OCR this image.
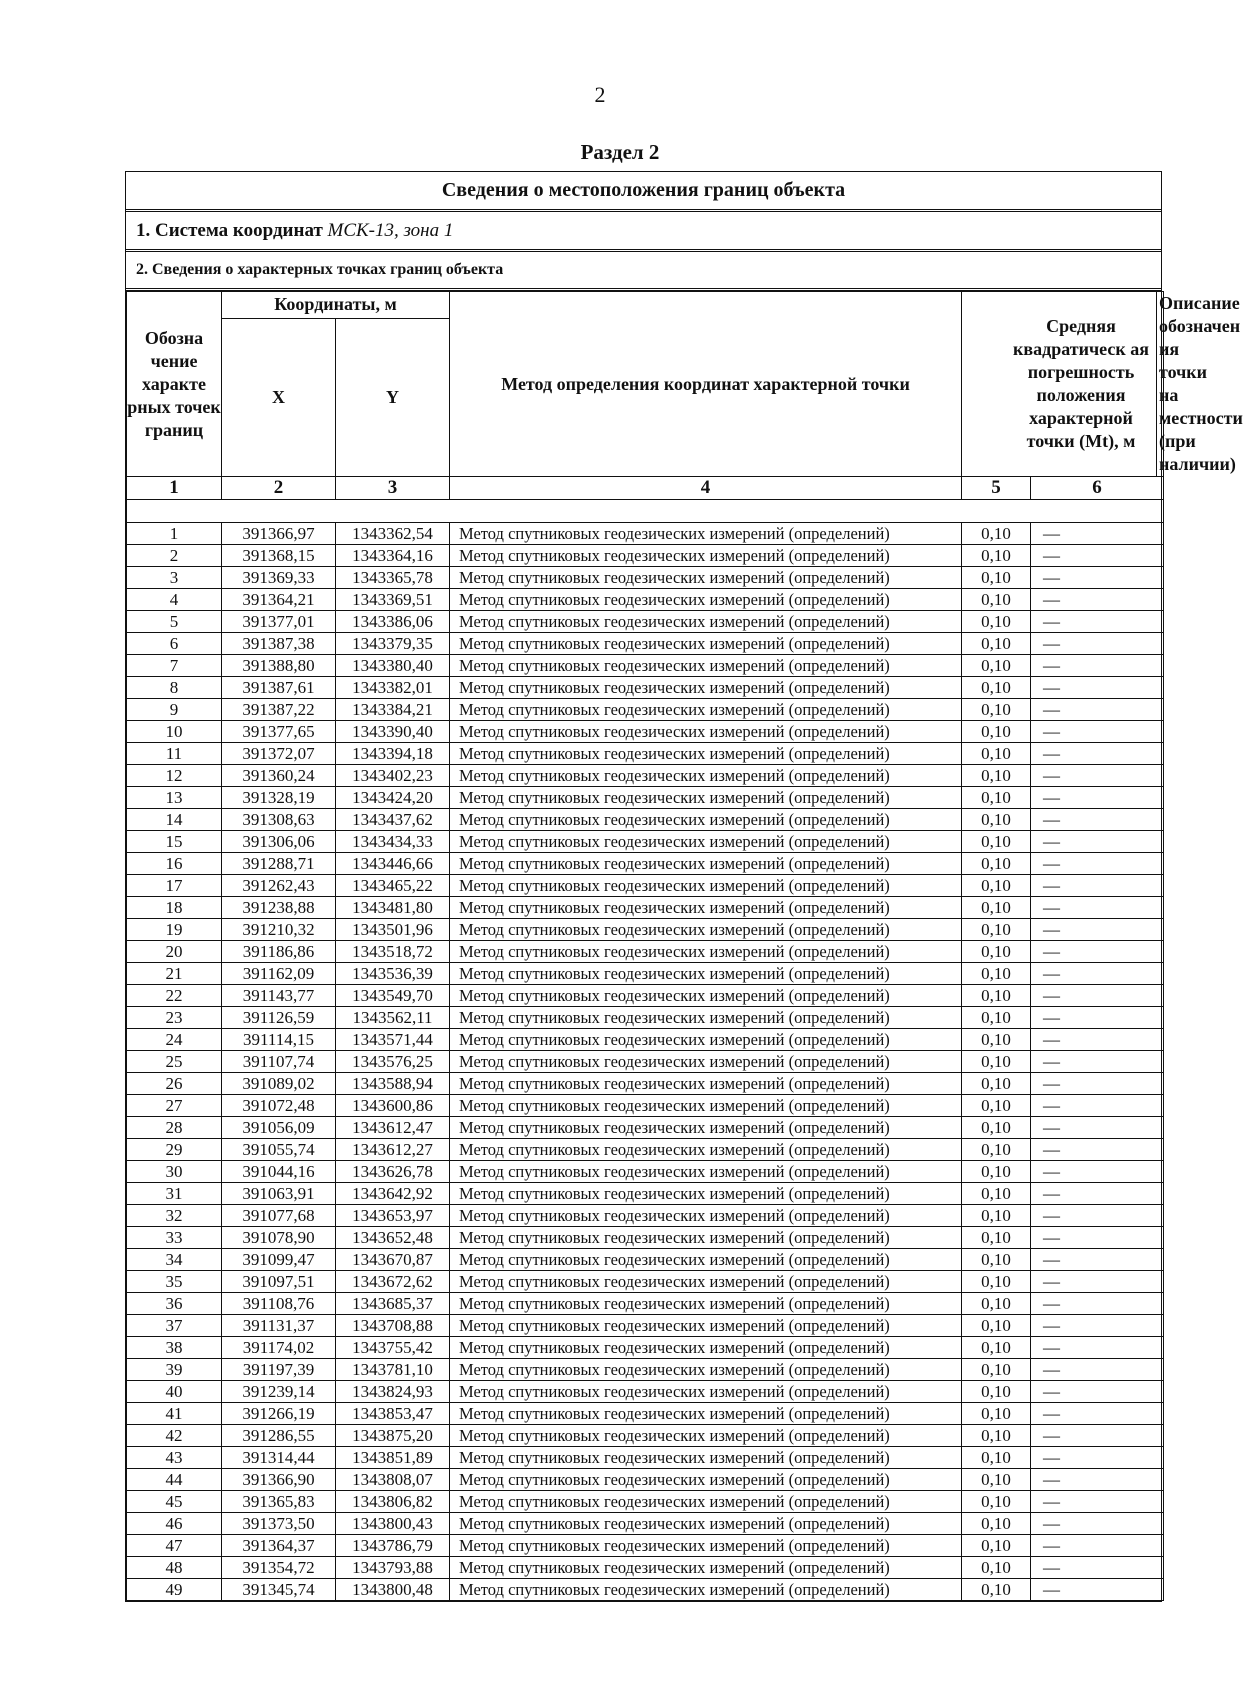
2
Раздел 2
Сведения о местоположения границ объекта
1. Система координат МСК-13, зона 1
2. Сведения о характерных точках границ объекта
Обозна чение характе рных точек границ	Координаты, м	Метод определения координат характерной точки	
Средняя квадратическ ая погрешность положения характерной точки (Mt), м	Описание обозначен ия точки на местности (при наличии)

X	Y
1	2	3	4	5	6

1	391366,97	1343362,54	Метод спутниковых геодезических измерений (определений)	0,10	—
2	391368,15	1343364,16	Метод спутниковых геодезических измерений (определений)	0,10	—
3	391369,33	1343365,78	Метод спутниковых геодезических измерений (определений)	0,10	—
4	391364,21	1343369,51	Метод спутниковых геодезических измерений (определений)	0,10	—
5	391377,01	1343386,06	Метод спутниковых геодезических измерений (определений)	0,10	—
6	391387,38	1343379,35	Метод спутниковых геодезических измерений (определений)	0,10	—
7	391388,80	1343380,40	Метод спутниковых геодезических измерений (определений)	0,10	—
8	391387,61	1343382,01	Метод спутниковых геодезических измерений (определений)	0,10	—
9	391387,22	1343384,21	Метод спутниковых геодезических измерений (определений)	0,10	—
10	391377,65	1343390,40	Метод спутниковых геодезических измерений (определений)	0,10	—
11	391372,07	1343394,18	Метод спутниковых геодезических измерений (определений)	0,10	—
12	391360,24	1343402,23	Метод спутниковых геодезических измерений (определений)	0,10	—
13	391328,19	1343424,20	Метод спутниковых геодезических измерений (определений)	0,10	—
14	391308,63	1343437,62	Метод спутниковых геодезических измерений (определений)	0,10	—
15	391306,06	1343434,33	Метод спутниковых геодезических измерений (определений)	0,10	—
16	391288,71	1343446,66	Метод спутниковых геодезических измерений (определений)	0,10	—
17	391262,43	1343465,22	Метод спутниковых геодезических измерений (определений)	0,10	—
18	391238,88	1343481,80	Метод спутниковых геодезических измерений (определений)	0,10	—
19	391210,32	1343501,96	Метод спутниковых геодезических измерений (определений)	0,10	—
20	391186,86	1343518,72	Метод спутниковых геодезических измерений (определений)	0,10	—
21	391162,09	1343536,39	Метод спутниковых геодезических измерений (определений)	0,10	—
22	391143,77	1343549,70	Метод спутниковых геодезических измерений (определений)	0,10	—
23	391126,59	1343562,11	Метод спутниковых геодезических измерений (определений)	0,10	—
24	391114,15	1343571,44	Метод спутниковых геодезических измерений (определений)	0,10	—
25	391107,74	1343576,25	Метод спутниковых геодезических измерений (определений)	0,10	—
26	391089,02	1343588,94	Метод спутниковых геодезических измерений (определений)	0,10	—
27	391072,48	1343600,86	Метод спутниковых геодезических измерений (определений)	0,10	—
28	391056,09	1343612,47	Метод спутниковых геодезических измерений (определений)	0,10	—
29	391055,74	1343612,27	Метод спутниковых геодезических измерений (определений)	0,10	—
30	391044,16	1343626,78	Метод спутниковых геодезических измерений (определений)	0,10	—
31	391063,91	1343642,92	Метод спутниковых геодезических измерений (определений)	0,10	—
32	391077,68	1343653,97	Метод спутниковых геодезических измерений (определений)	0,10	—
33	391078,90	1343652,48	Метод спутниковых геодезических измерений (определений)	0,10	—
34	391099,47	1343670,87	Метод спутниковых геодезических измерений (определений)	0,10	—
35	391097,51	1343672,62	Метод спутниковых геодезических измерений (определений)	0,10	—
36	391108,76	1343685,37	Метод спутниковых геодезических измерений (определений)	0,10	—
37	391131,37	1343708,88	Метод спутниковых геодезических измерений (определений)	0,10	—
38	391174,02	1343755,42	Метод спутниковых геодезических измерений (определений)	0,10	—
39	391197,39	1343781,10	Метод спутниковых геодезических измерений (определений)	0,10	—
40	391239,14	1343824,93	Метод спутниковых геодезических измерений (определений)	0,10	—
41	391266,19	1343853,47	Метод спутниковых геодезических измерений (определений)	0,10	—
42	391286,55	1343875,20	Метод спутниковых геодезических измерений (определений)	0,10	—
43	391314,44	1343851,89	Метод спутниковых геодезических измерений (определений)	0,10	—
44	391366,90	1343808,07	Метод спутниковых геодезических измерений (определений)	0,10	—
45	391365,83	1343806,82	Метод спутниковых геодезических измерений (определений)	0,10	—
46	391373,50	1343800,43	Метод спутниковых геодезических измерений (определений)	0,10	—
47	391364,37	1343786,79	Метод спутниковых геодезических измерений (определений)	0,10	—
48	391354,72	1343793,88	Метод спутниковых геодезических измерений (определений)	0,10	—
49	391345,74	1343800,48	Метод спутниковых геодезических измерений (определений)	0,10	—
